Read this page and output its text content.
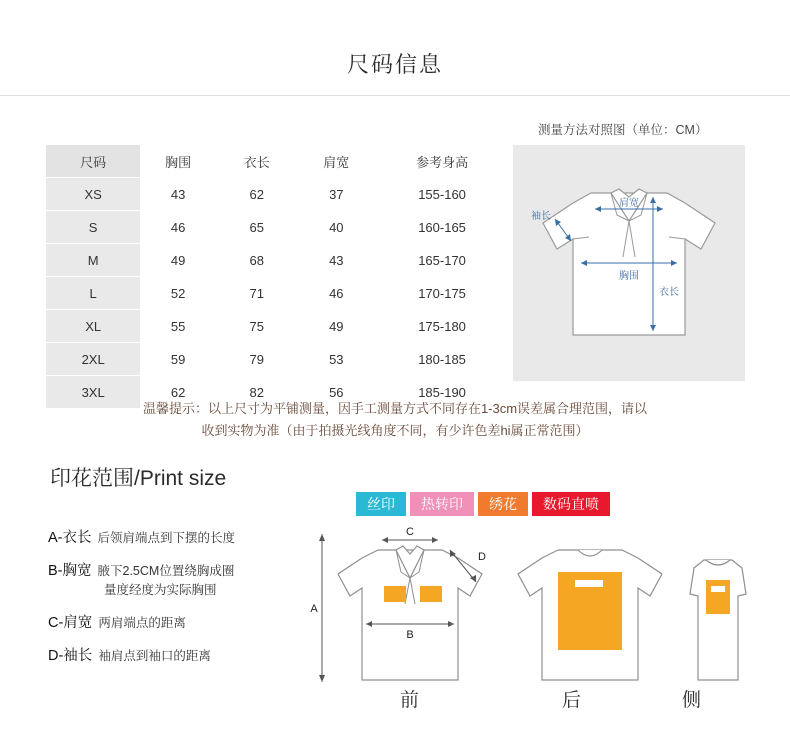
尺码信息
测量方法对照图（单位：CM）
尺码	胸围	衣长	肩宽	参考身高
XS	43	62	37	155-160
S	46	65	40	160-165
M	49	68	43	165-170
L	52	71	46	170-175
XL	55	75	49	175-180
2XL	59	79	53	180-185
3XL	62	82	56	185-190
肩宽
袖长
胸围
衣长
温馨提示：以上尺寸为平铺测量，因手工测量方式不同存在1-3cm误差属合理范围，请以
收到实物为准（由于拍摄光线角度不同，有少许色差hi属正常范围）
印花范围/Print size
丝印	热转印	绣花	数码直喷
A-衣长 后领肩端点到下摆的长度
B-胸宽 腋下2.5CM位置绕胸成圈
量度经度为实际胸围
C-肩宽 两肩端点的距离
D-袖长 袖肩点到袖口的距离
A
C
D
B
前	后	侧
